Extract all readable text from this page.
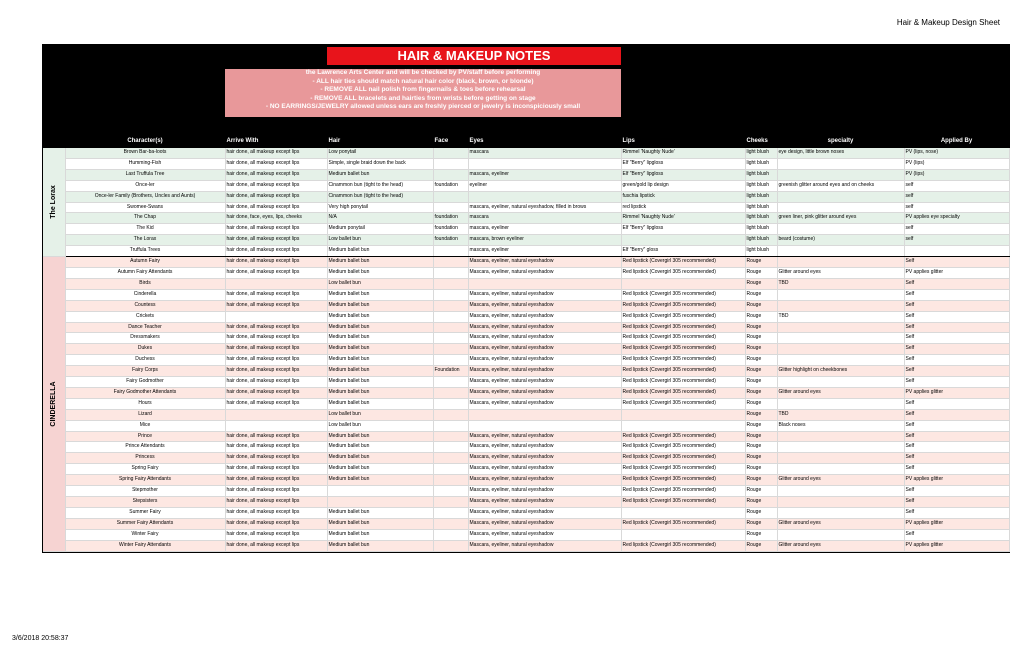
Hair & Makeup Design Sheet
HAIR & MAKEUP NOTES
the Lawrence Arts Center and will be checked by PV/staff before performing
- ALL hair ties should match natural hair color (black, brown, or blonde)
- REMOVE ALL nail polish from fingernails & toes before rehearsal
- REMOVE ALL bracelets and hairties from wrists before getting on stage
- NO EARRINGS/JEWELRY allowed unless ears are freshly pierced or jewelry is inconspiciously small
	Character(s)	Arrive With	Hair	Face	Eyes	Lips	Cheeks	specialty	Applied By

The Lorax	Brown Bar-ba-loots	hair done, all makeup except lips	Low ponytail		mascara	Rimmel 'Naughty Nude'	light blush	eye design, little brown noses	PV (lips, nose)
	Humming-Fish	hair done, all makeup except lips	Simple, single braid down the back			Elf "Berry" lipgloss	light blush		PV (lips)
	Last Truffula Tree	hair done, all makeup except lips	Medium ballet bun		mascara, eyeliner	Elf "Berry" lipgloss	light blush		PV (lips)
	Once-ler	hair done, all makeup except lips	Cinammon bun (tight to the head)	foundation	eyeliner	green/gold lip design	light blush	greenish glitter around eyes and on cheeks	self
	Once-ler Family (Brothers, Uncles and Aunts)	hair done, all makeup except lips	Cinammon bun (tight to the head)			fuschia lipstick	light blush		self
	Swomee-Swans	hair done, all makeup except lips	Very high ponytail		mascara, eyeliner, natural eyeshadow, filled in brows	red lipstick	light blush		self
	The Chap	hair done, face, eyes, lips, cheeks	N/A	foundation	mascara	Rimmel 'Naughty Nude'	light blush	green liner, pink glitter around eyes	PV applies eye specialty
	The Kid	hair done, all makeup except lips	Medium ponytail	foundation	mascara, eyeliner	Elf "Berry" lipgloss	light blush		self
	The Lorax	hair done, all makeup except lips	Low ballet bun	foundation	mascara, brown eyeliner		light blush	beard (costume)	self
	Truffula Trees	hair done, all makeup except lips	Medium ballet bun		mascara, eyeliner	Elf "Berry" gloss	light blush		

CINDERELLA	Autumn Fairy	hair done, all makeup except lips	Medium ballet bun		Mascara, eyeliner, natural eyeshadow	Red lipstick (Covergirl 305 recommended)	Rouge		Self
	Autumn Fairy Attendants	hair done, all makeup except lips	Medium ballet bun		Mascara, eyeliner, natural eyeshadow	Red lipstick (Covergirl 305 recommended)	Rouge	Glitter around eyes	PV applies glitter
	Birds		Low ballet bun				Rouge	TBD	Self
	Cinderella	hair done, all makeup except lips	Medium ballet bun		Mascara, eyeliner, natural eyeshadow	Red lipstick (Covergirl 305 recommended)	Rouge		Self
	Countess	hair done, all makeup except lips	Medium ballet bun		Mascara, eyeliner, natural eyeshadow	Red lipstick (Covergirl 305 recommended)	Rouge		Self
	Crickets		Medium ballet bun		Mascara, eyeliner, natural eyeshadow	Red lipstick (Covergirl 305 recommended)	Rouge	TBD	Self
	Dance Teacher	hair done, all makeup except lips	Medium ballet bun		Mascara, eyeliner, natural eyeshadow	Red lipstick (Covergirl 305 recommended)	Rouge		Self
	Dressmakers	hair done, all makeup except lips	Medium ballet bun		Mascara, eyeliner, natural eyeshadow	Red lipstick (Covergirl 305 recommended)	Rouge		Self
	Dukes	hair done, all makeup except lips	Medium ballet bun		Mascara, eyeliner, natural eyeshadow	Red lipstick (Covergirl 305 recommended)	Rouge		Self
	Duchess	hair done, all makeup except lips	Medium ballet bun		Mascara, eyeliner, natural eyeshadow	Red lipstick (Covergirl 305 recommended)	Rouge		Self
	Fairy Corps	hair done, all makeup except lips	Medium ballet bun	Foundation	Mascara, eyeliner, natural eyeshadow	Red lipstick (Covergirl 305 recommended)	Rouge	Glitter highlight on cheekbones	Self
	Fairy Godmother	hair done, all makeup except lips	Medium ballet bun		Mascara, eyeliner, natural eyeshadow	Red lipstick (Covergirl 305 recommended)	Rouge		Self
	Fairy Godmother Attendants	hair done, all makeup except lips	Medium ballet bun		Mascara, eyeliner, natural eyeshadow	Red lipstick (Covergirl 305 recommended)	Rouge	Glitter around eyes	PV applies glitter
	Hours	hair done, all makeup except lips	Medium ballet bun		Mascara, eyeliner, natural eyeshadow	Red lipstick (Covergirl 305 recommended)	Rouge		Self
	Lizard		Low ballet bun				Rouge	TBD	Self
	Mice		Low ballet bun				Rouge	Black noses	Self
	Prince	hair done, all makeup except lips	Medium ballet bun		Mascara, eyeliner, natural eyeshadow	Red lipstick (Covergirl 305 recommended)	Rouge		Self
	Prince Attendants	hair done, all makeup except lips	Medium ballet bun		Mascara, eyeliner, natural eyeshadow	Red lipstick (Covergirl 305 recommended)	Rouge		Self
	Princess	hair done, all makeup except lips	Medium ballet bun		Mascara, eyeliner, natural eyeshadow	Red lipstick (Covergirl 305 recommended)	Rouge		Self
	Spring Fairy	hair done, all makeup except lips	Medium ballet bun		Mascara, eyeliner, natural eyeshadow	Red lipstick (Covergirl 305 recommended)	Rouge		Self
	Spring Fairy Attendants	hair done, all makeup except lips	Medium ballet bun		Mascara, eyeliner, natural eyeshadow	Red lipstick (Covergirl 305 recommended)	Rouge	Glitter around eyes	PV applies glitter
	Stepmother	hair done, all makeup except lips			Mascara, eyeliner, natural eyeshadow	Red lipstick (Covergirl 305 recommended)	Rouge		Self
	Stepsisters	hair done, all makeup except lips			Mascara, eyeliner, natural eyeshadow	Red lipstick (Covergirl 305 recommended)	Rouge		Self
	Summer Fairy	hair done, all makeup except lips	Medium ballet bun		Mascara, eyeliner, natural eyeshadow		Rouge		Self
	Summer Fairy Attendants	hair done, all makeup except lips	Medium ballet bun		Mascara, eyeliner, natural eyeshadow	Red lipstick (Covergirl 305 recommended)	Rouge	Glitter around eyes	PV applies glitter
	Winter Fairy	hair done, all makeup except lips	Medium ballet bun		Mascara, eyeliner, natural eyeshadow		Rouge		Self
	Winter Fairy Attendants	hair done, all makeup except lips	Medium ballet bun		Mascara, eyeliner, natural eyeshadow	Red lipstick (Covergirl 305 recommended)	Rouge	Glitter around eyes	PV applies glitter
3/6/2018 20:58:37
